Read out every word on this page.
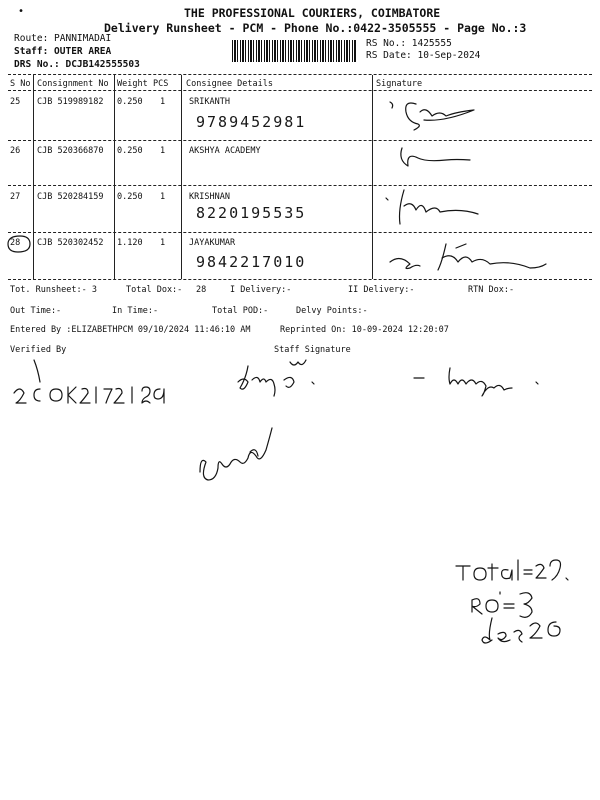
•	THE PROFESSIONAL COURIERS, COIMBATORE
Delivery Runsheet - PCM - Phone No.:0422-3505555 - Page No.:3
Route: PANNIMADAI
Staff: OUTER AREA
DRS No.: DCJB142555503
RS No.: 1425555
RS Date: 10-Sep-2024
S No Consignment No Weight PCS Consignee Details	Signature
25 CJB 519989182 0.250 1	SRIKANTH
9789452981
26 CJB 520366870 0.250 1	AKSHYA ACADEMY
27 CJB 520284159 0.250 1	KRISHNAN
8220195535
28 CJB 520302452 1.120 1	JAYAKUMAR
9842217010
Tot. Runsheet:- 3	Total Dox:- 28	I Delivery:-	II Delivery:-	RTN Dox:-
Out Time:-	In Time:-	Total POD:-	Delvy Points:-
Entered By :ELIZABETHPCM 09/10/2024 11:46:10 AM	Reprinted On: 10-09-2024 12:20:07
Verified By	Staff Signature
